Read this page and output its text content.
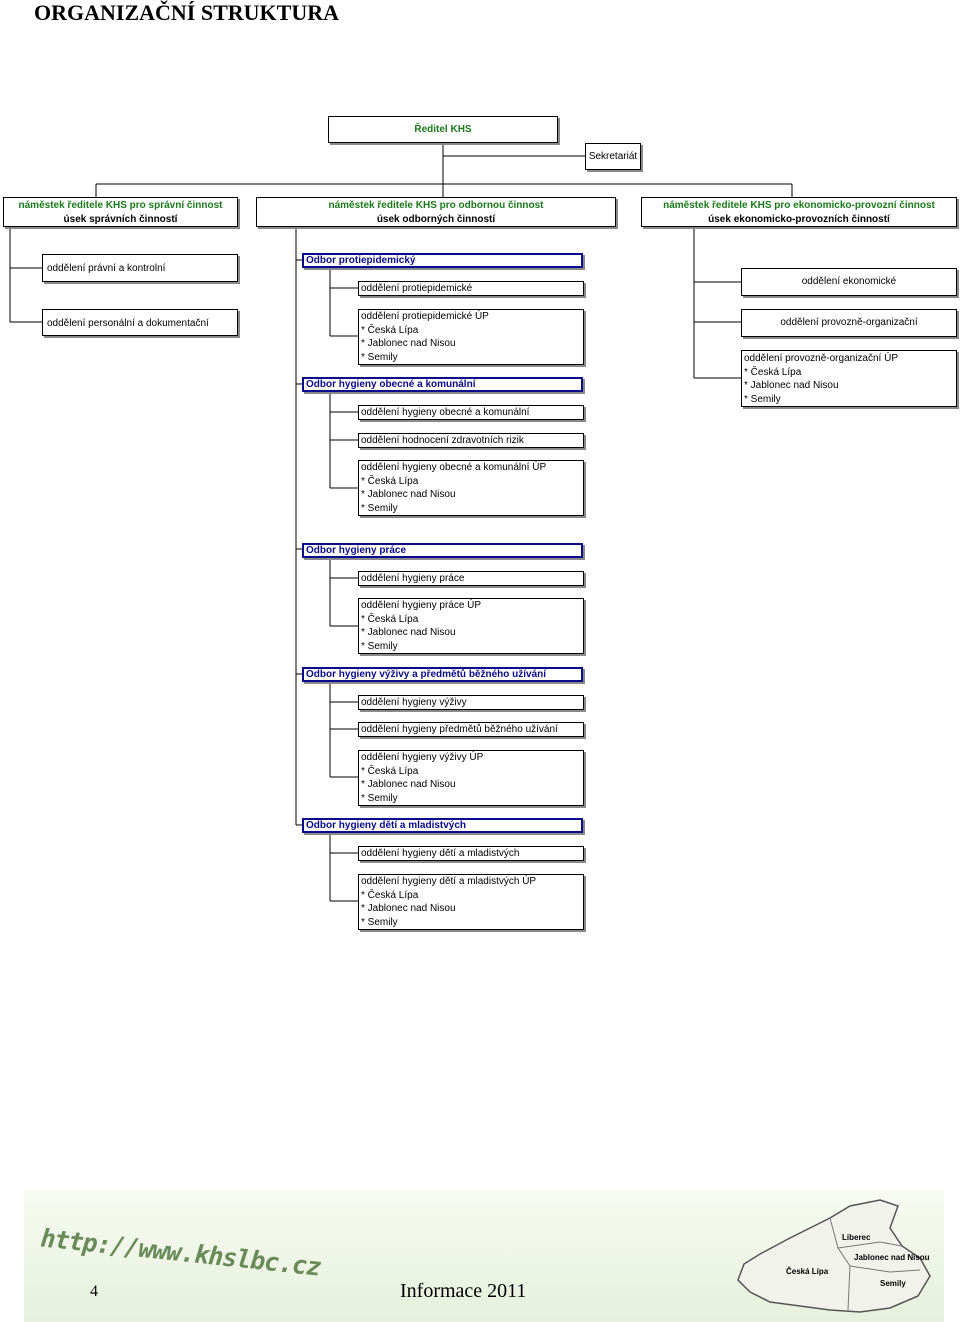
ORGANIZAČNÍ STRUKTURA
Ředitel KHS
Sekretariát
náměstek ředitele KHS pro správní činnost
úsek správních činností
náměstek ředitele KHS pro odbornou činnost
úsek odborných činností
náměstek ředitele KHS pro ekonomicko-provozní činnost
úsek ekonomicko-provozních činností
oddělení právní a kontrolní
oddělení personální a dokumentační
Odbor protiepidemický
oddělení protiepidemické
oddělení protiepidemické ÚP
* Česká Lípa
* Jablonec nad Nisou
* Semily
Odbor hygieny obecné a komunální
oddělení hygieny obecné a komunální
oddělení hodnocení zdravotních rizik
oddělení hygieny obecné a komunální ÚP
* Česká Lípa
* Jablonec nad Nisou
* Semily
Odbor hygieny práce
oddělení hygieny práce
oddělení hygieny práce ÚP
* Česká Lípa
* Jablonec nad Nisou
* Semily
Odbor hygieny výživy a předmětů běžného užívání
oddělení hygieny výživy
oddělení hygieny předmětů běžného užívání
oddělení hygieny výživy ÚP
* Česká Lípa
* Jablonec nad Nisou
* Semily
Odbor hygieny dětí a mladistvých
oddělení hygieny dětí a mladistvých
oddělení hygieny dětí a mladistvých ÚP
* Česká Lípa
* Jablonec nad Nisou
* Semily
oddělení ekonomické
oddělení provozně-organizační
oddělení provozně-organizační ÚP
* Česká Lípa
* Jablonec nad Nisou
* Semily
http://www.khslbc.cz
4	Informace 2011
Liberec
Česká Lípa
Jablonec nad Nisou
Semily
